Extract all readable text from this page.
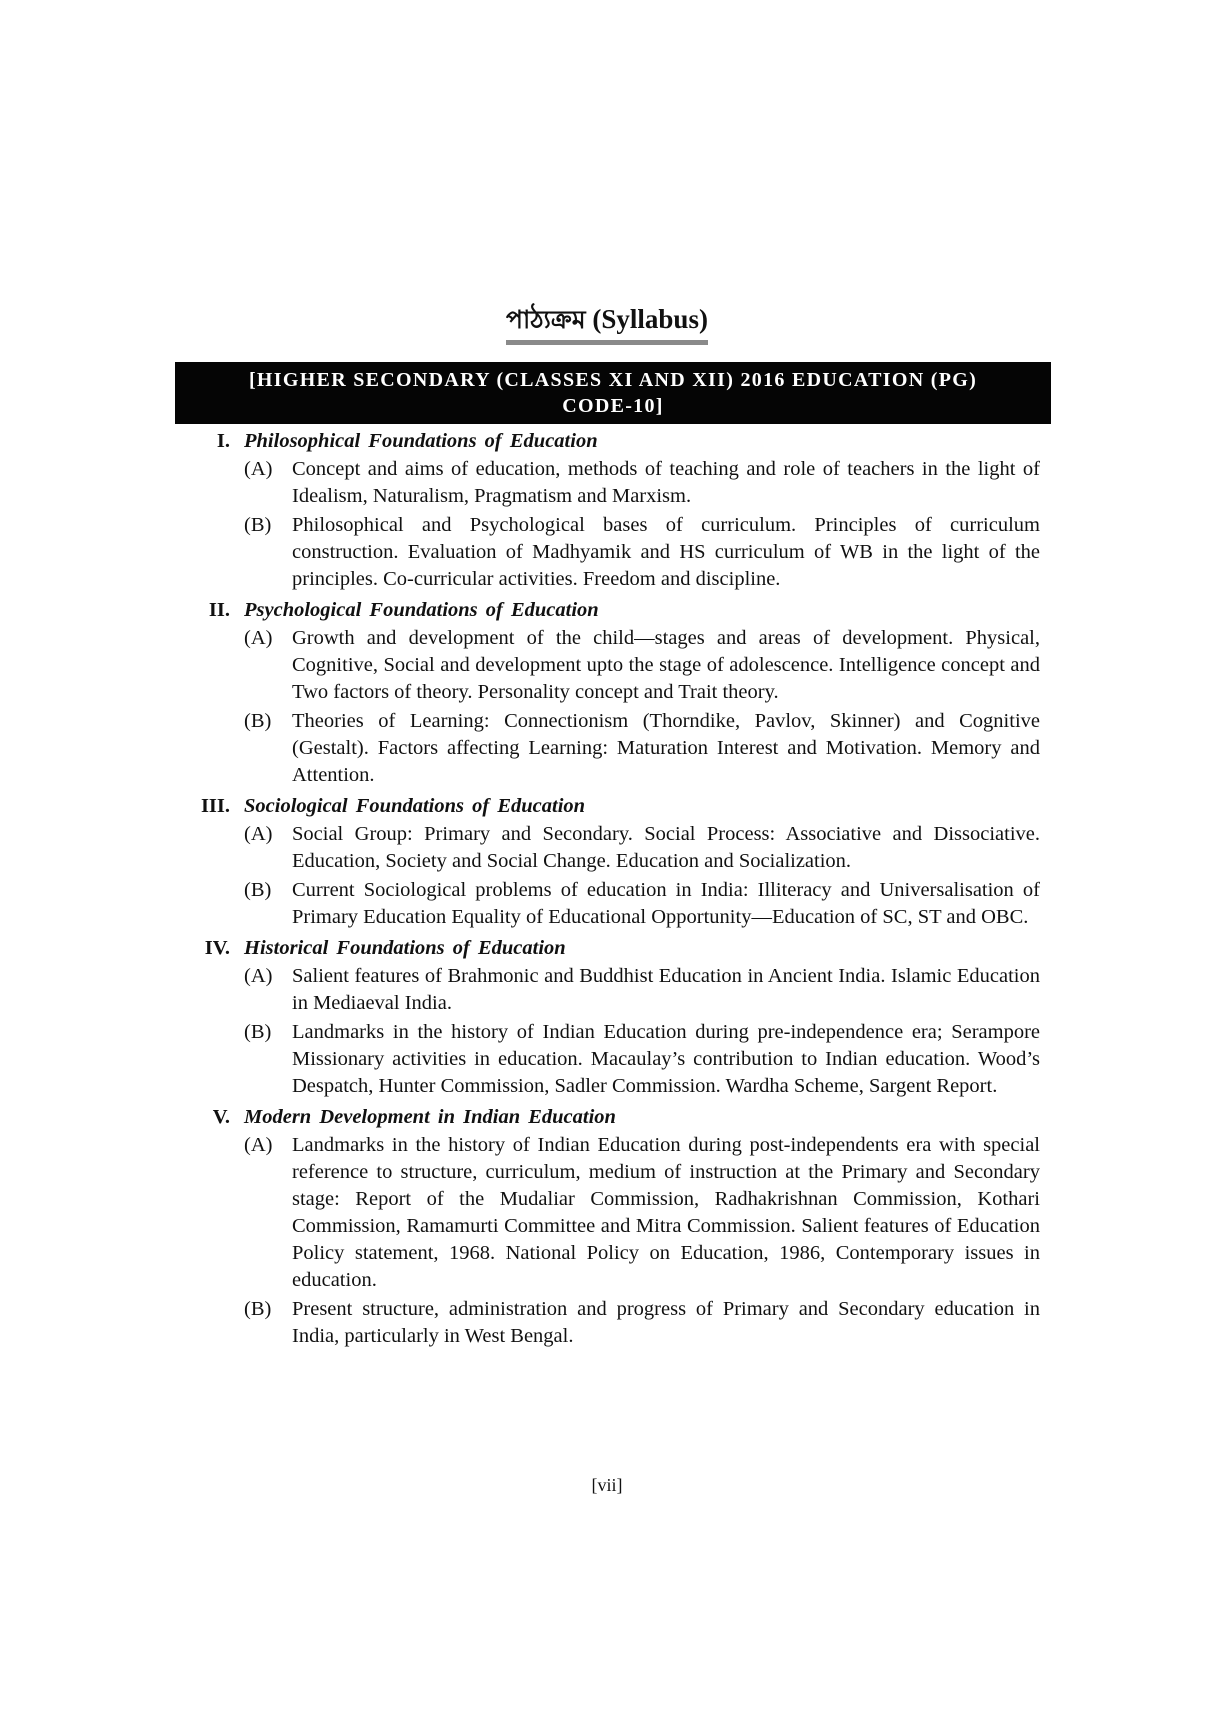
পাঠ্যক্রম (Syllabus)
[HIGHER SECONDARY (CLASSES XI AND XII) 2016 EDUCATION (PG)
CODE-10]
I. Philosophical Foundations of Education
(A) Concept and aims of education, methods of teaching and role of teachers in the light of Idealism, Naturalism, Pragmatism and Marxism.
(B) Philosophical and Psychological bases of curriculum. Principles of curriculum construction. Evaluation of Madhyamik and HS curriculum of WB in the light of the principles. Co-curricular activities. Freedom and discipline.
II. Psychological Foundations of Education
(A) Growth and development of the child—stages and areas of development. Physical, Cognitive, Social and development upto the stage of adolescence. Intelligence concept and Two factors of theory. Personality concept and Trait theory.
(B) Theories of Learning: Connectionism (Thorndike, Pavlov, Skinner) and Cognitive (Gestalt). Factors affecting Learning: Maturation Interest and Motivation. Memory and Attention.
III. Sociological Foundations of Education
(A) Social Group: Primary and Secondary. Social Process: Associative and Dissociative. Education, Society and Social Change. Education and Socialization.
(B) Current Sociological problems of education in India: Illiteracy and Universalisation of Primary Education Equality of Educational Opportunity—Education of SC, ST and OBC.
IV. Historical Foundations of Education
(A) Salient features of Brahmonic and Buddhist Education in Ancient India. Islamic Education in Mediaeval India.
(B) Landmarks in the history of Indian Education during pre-independence era; Serampore Missionary activities in education. Macaulay’s contribution to Indian education. Wood’s Despatch, Hunter Commission, Sadler Commission. Wardha Scheme, Sargent Report.
V. Modern Development in Indian Education
(A) Landmarks in the history of Indian Education during post-independents era with special reference to structure, curriculum, medium of instruction at the Primary and Secondary stage: Report of the Mudaliar Commission, Radhakrishnan Commission, Kothari Commission, Ramamurti Committee and Mitra Commission. Salient features of Education Policy statement, 1968. National Policy on Education, 1986, Contemporary issues in education.
(B) Present structure, administration and progress of Primary and Secondary education in India, particularly in West Bengal.
[vii]
